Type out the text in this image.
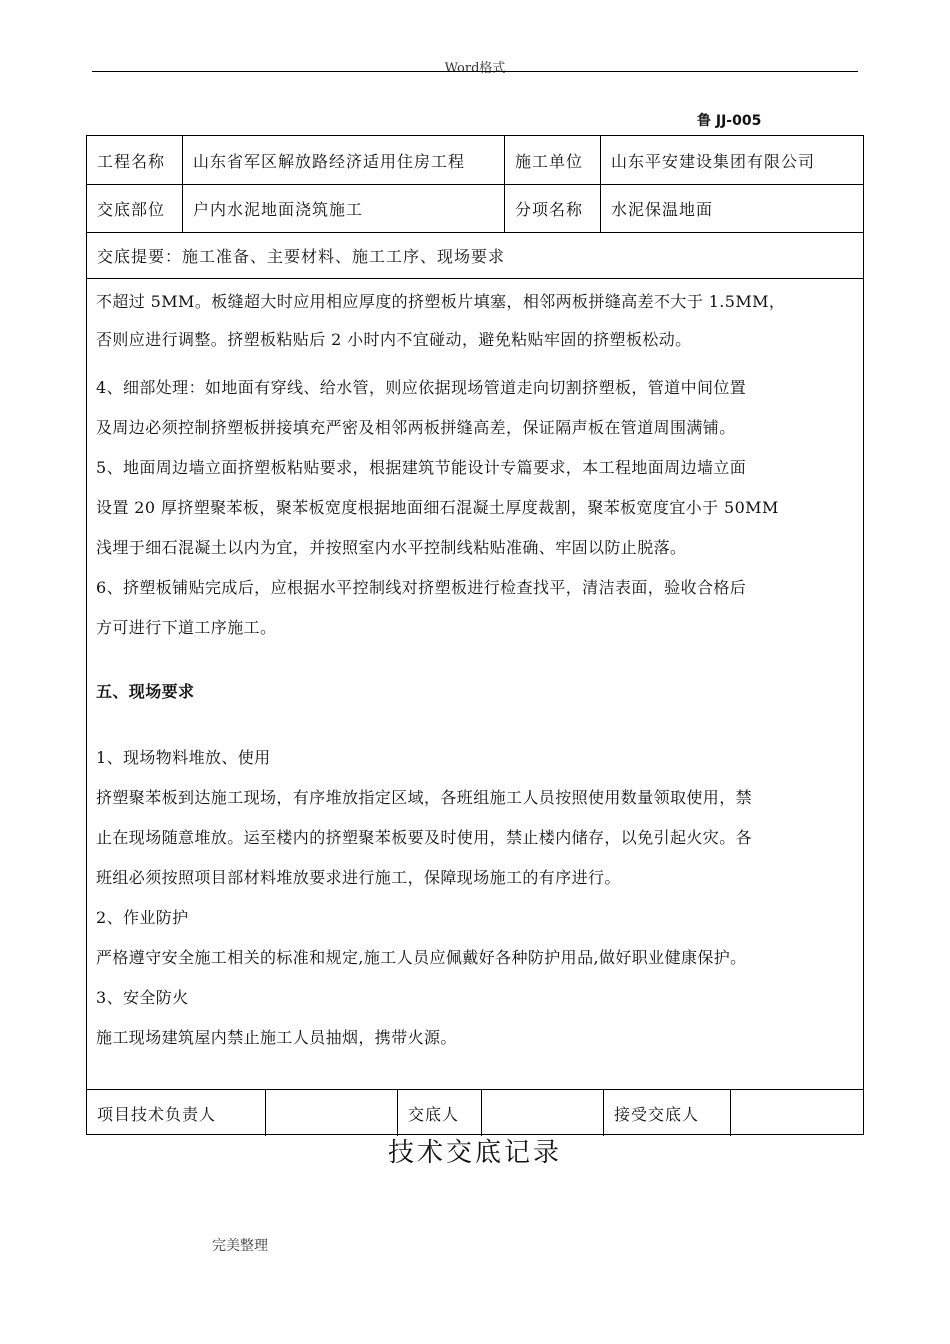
Word格式
鲁 JJ-005
工程名称	山东省军区解放路经济适用住房工程	施工单位	山东平安建设集团有限公司
交底部位	户内水泥地面浇筑施工	分项名称	水泥保温地面
交底提要：施工准备、主要材料、施工工序、现场要求
不超过 5MM。板缝超大时应用相应厚度的挤塑板片填塞，相邻两板拼缝高差不大于 1.5MM，
否则应进行调整。挤塑板粘贴后 2 小时内不宜碰动，避免粘贴牢固的挤塑板松动。
4、细部处理：如地面有穿线、给水管，则应依据现场管道走向切割挤塑板，管道中间位置
及周边必须控制挤塑板拼接填充严密及相邻两板拼缝高差，保证隔声板在管道周围满铺。
5、地面周边墙立面挤塑板粘贴要求，根据建筑节能设计专篇要求，本工程地面周边墙立面
设置 20 厚挤塑聚苯板，聚苯板宽度根据地面细石混凝土厚度裁割，聚苯板宽度宜小于 50MM
浅埋于细石混凝土以内为宜，并按照室内水平控制线粘贴准确、牢固以防止脱落。
6、挤塑板铺贴完成后，应根据水平控制线对挤塑板进行检查找平，清洁表面，验收合格后
方可进行下道工序施工。
五、现场要求
1、现场物料堆放、使用
挤塑聚苯板到达施工现场，有序堆放指定区域，各班组施工人员按照使用数量领取使用，禁
止在现场随意堆放。运至楼内的挤塑聚苯板要及时使用，禁止楼内储存，以免引起火灾。各
班组必须按照项目部材料堆放要求进行施工，保障现场施工的有序进行。
2、作业防护
严格遵守安全施工相关的标准和规定,施工人员应佩戴好各种防护用品,做好职业健康保护。
3、安全防火
施工现场建筑屋内禁止施工人员抽烟，携带火源。
项目技术负责人	交底人	接受交底人
技术交底记录
完美整理
